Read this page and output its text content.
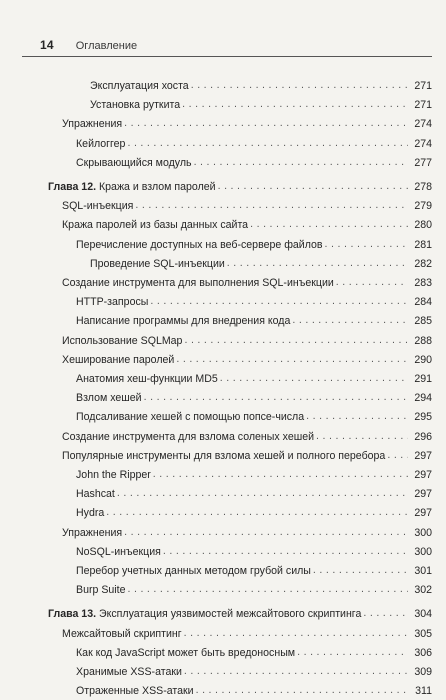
14 Оглавление
Эксплуатация хоста . . .	271
Установка руткита . . .	271
Упражнения . . .	274
Кейлоггер . . .	274
Скрывающийся модуль . . .	277
Глава 12. Кража и взлом паролей . . .	278
SQL-инъекция . . .	279
Кража паролей из базы данных сайта . . .	280
Перечисление доступных на веб-сервере файлов . . .	281
Проведение SQL-инъекции . . .	282
Создание инструмента для выполнения SQL-инъекции . . .	283
HTTP-запросы . . .	284
Написание программы для внедрения кода . . .	285
Использование SQLMap . . .	288
Хеширование паролей . . .	290
Анатомия хеш-функции MD5 . . .	291
Взлом хешей . . .	294
Подсаливание хешей с помощью попсе-числа . . .	295
Создание инструмента для взлома соленых хешей . . .	296
Популярные инструменты для взлома хешей и полного перебора . . .	297
John the Ripper . . .	297
Hashcat . . .	297
Hydra . . .	297
Упражнения . . .	300
NoSQL-инъекция . . .	300
Перебор учетных данных методом грубой силы . . .	301
Burp Suite . . .	302
Глава 13. Эксплуатация уязвимостей межсайтового скриптинга . . .	304
Межсайтовый скриптинг . . .	305
Как код JavaScript может быть вредоносным . . .	306
Хранимые XSS-атаки . . .	309
Отраженные XSS-атаки . . .	311
